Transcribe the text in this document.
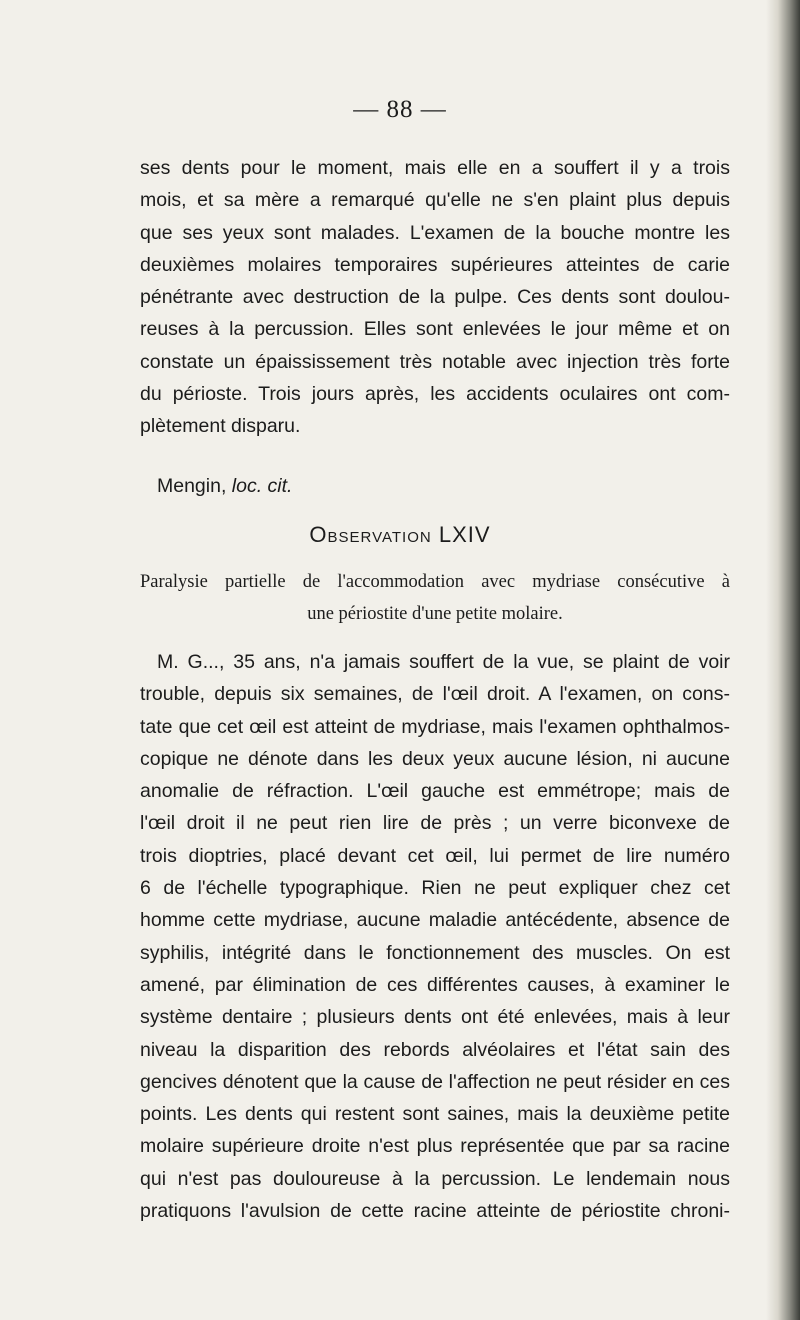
— 88 —
ses dents pour le moment, mais elle en a souffert il y a trois
mois, et sa mère a remarqué qu'elle ne s'en plaint plus depuis
que ses yeux sont malades. L'examen de la bouche montre les
deuxièmes molaires temporaires supérieures atteintes de carie
pénétrante avec destruction de la pulpe. Ces dents sont doulou-
reuses à la percussion. Elles sont enlevées le jour même et on
constate un épaississement très notable avec injection très forte
du périoste. Trois jours après, les accidents oculaires ont com-
plètement disparu.
Mengin, loc. cit.
Observation LXIV
Paralysie partielle de l'accommodation avec mydriase consécutive à
une périostite d'une petite molaire.
M. G..., 35 ans, n'a jamais souffert de la vue, se plaint de voir
trouble, depuis six semaines, de l'œil droit. A l'examen, on cons-
tate que cet œil est atteint de mydriase, mais l'examen ophthalmos-
copique ne dénote dans les deux yeux aucune lésion, ni aucune
anomalie de réfraction. L'œil gauche est emmétrope; mais de
l'œil droit il ne peut rien lire de près ; un verre biconvexe de
trois dioptries, placé devant cet œil, lui permet de lire numéro
6 de l'échelle typographique. Rien ne peut expliquer chez cet
homme cette mydriase, aucune maladie antécédente, absence de
syphilis, intégrité dans le fonctionnement des muscles. On est
amené, par élimination de ces différentes causes, à examiner le
système dentaire ; plusieurs dents ont été enlevées, mais à leur
niveau la disparition des rebords alvéolaires et l'état sain des
gencives dénotent que la cause de l'affection ne peut résider en ces
points. Les dents qui restent sont saines, mais la deuxième petite
molaire supérieure droite n'est plus représentée que par sa racine
qui n'est pas douloureuse à la percussion. Le lendemain nous
pratiquons l'avulsion de cette racine atteinte de périostite chroni-
